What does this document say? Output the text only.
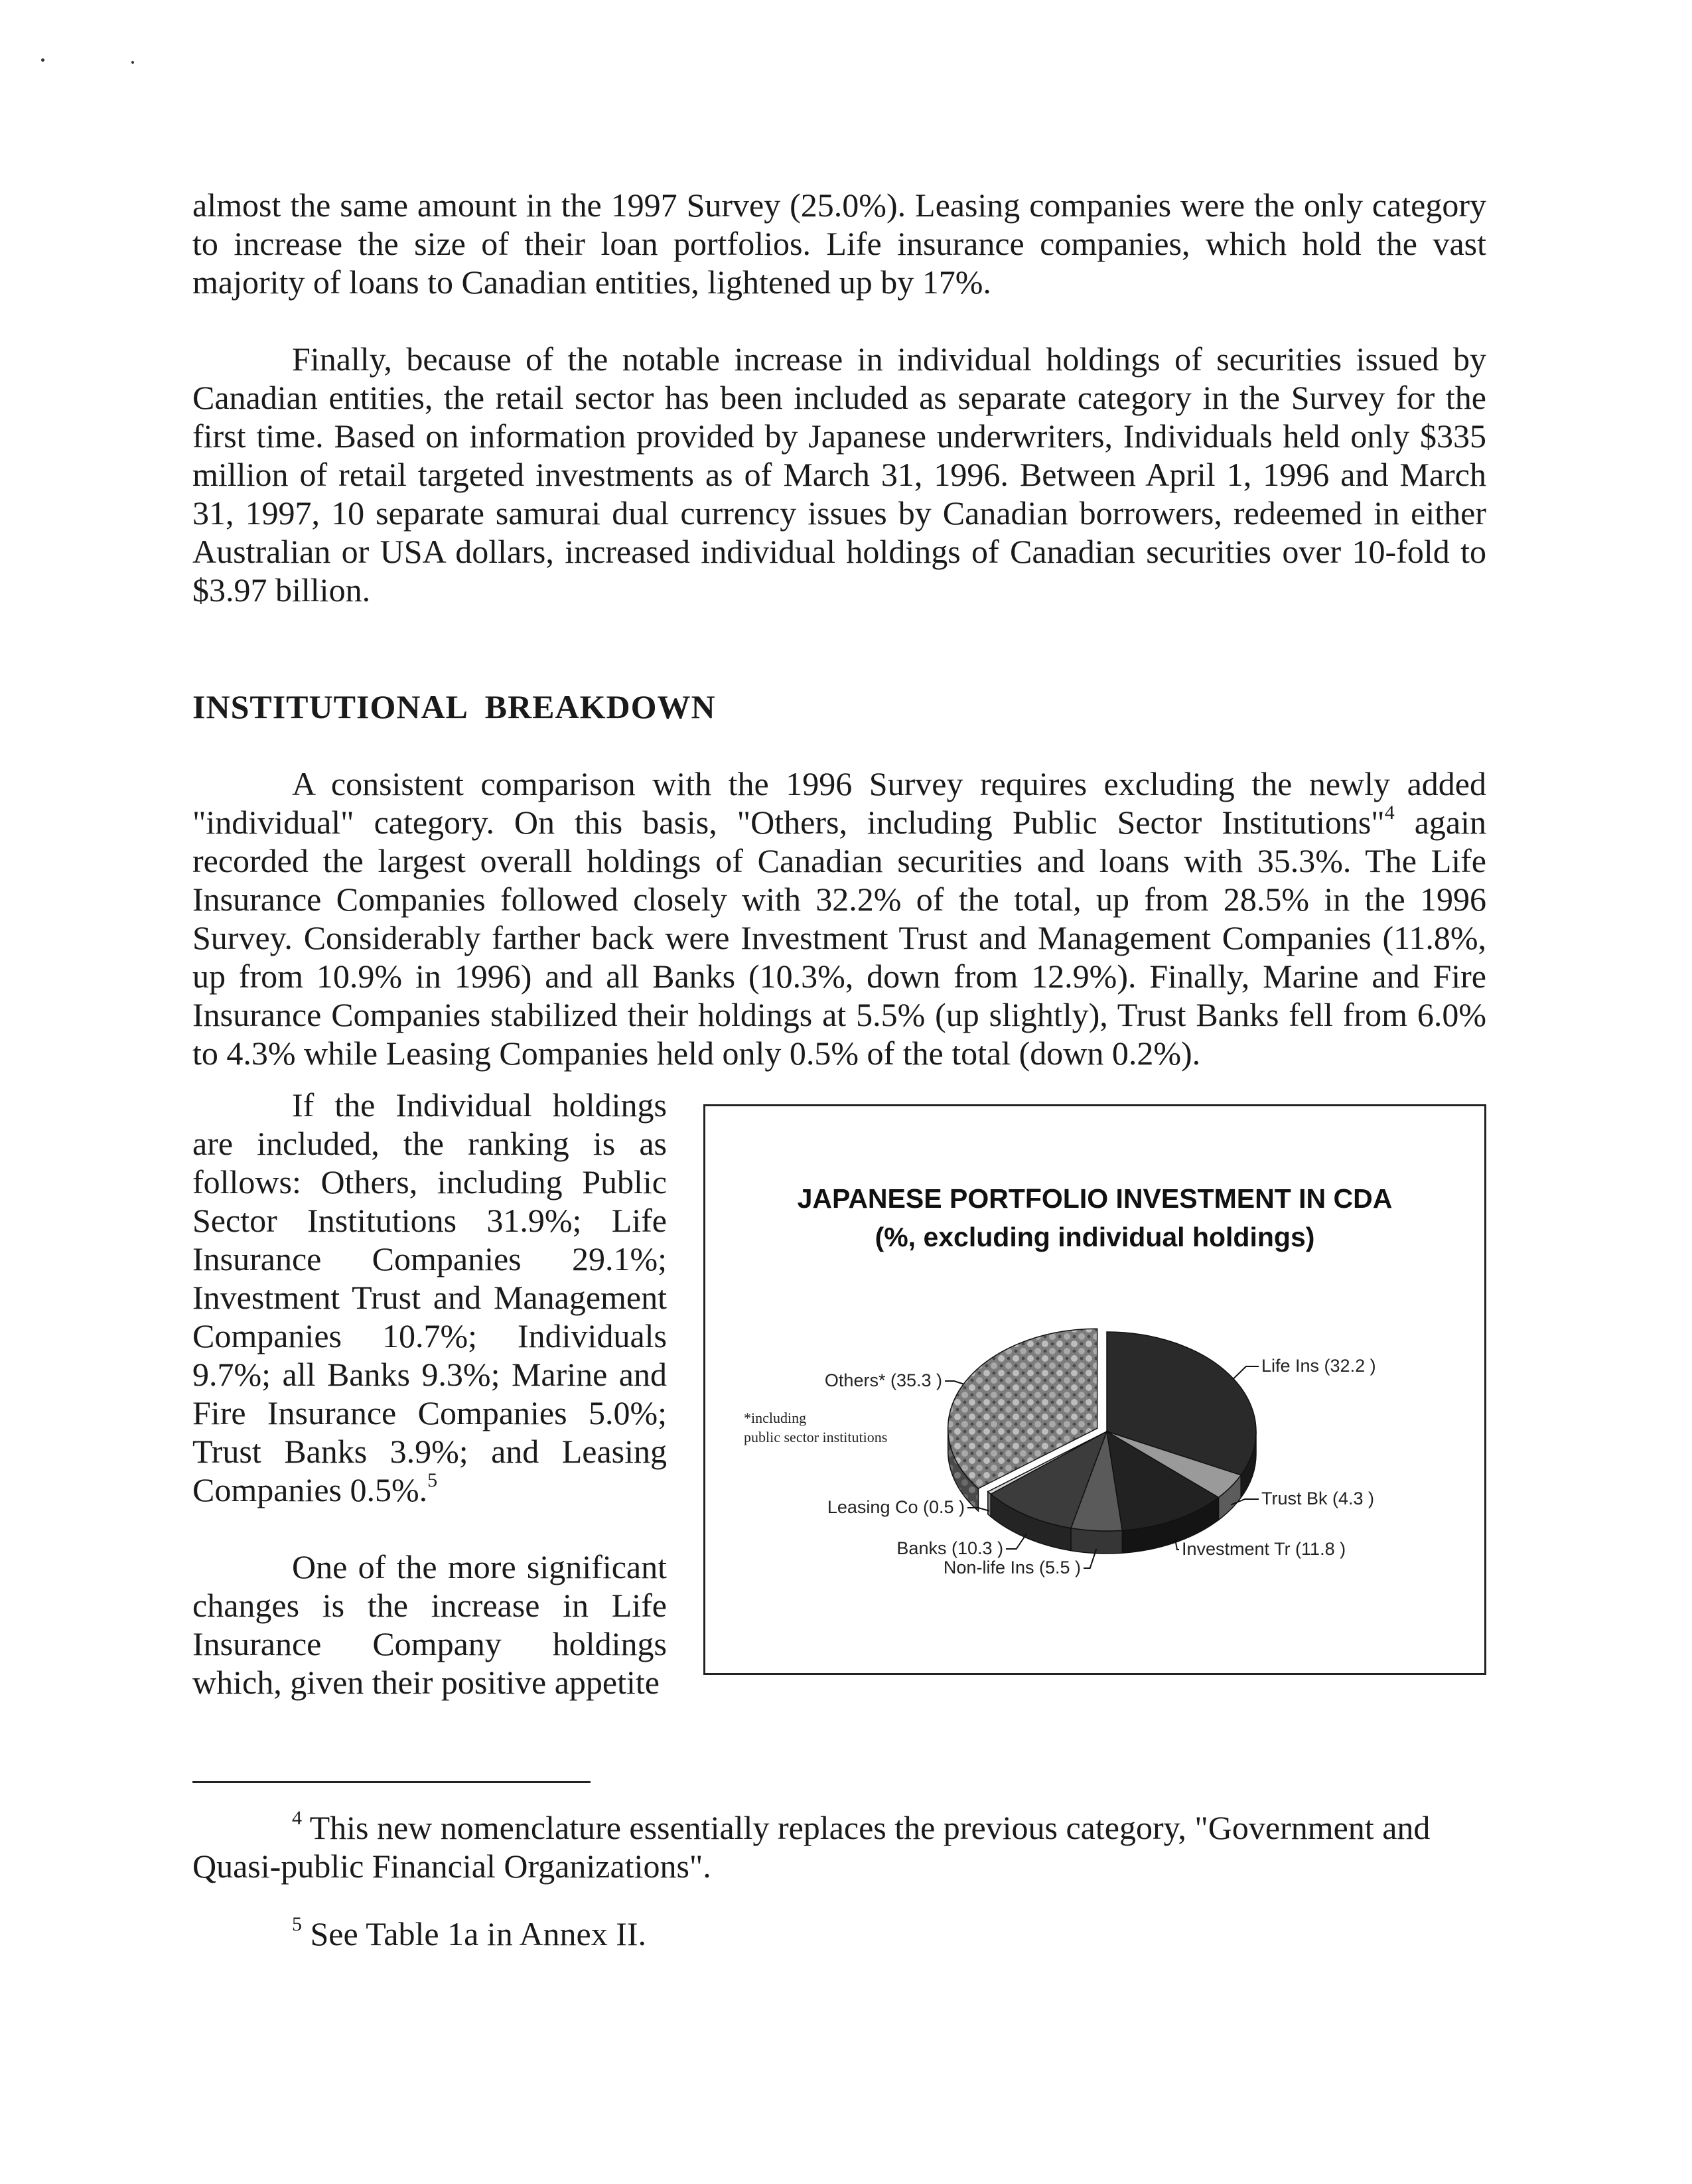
almost the same amount in the 1997 Survey (25.0%). Leasing companies were the only category to increase the size of their loan portfolios. Life insurance companies, which hold the vast majority of loans to Canadian entities, lightened up by 17%.

Finally, because of the notable increase in individual holdings of securities issued by Canadian entities, the retail sector has been included as separate category in the Survey for the first time. Based on information provided by Japanese underwriters, Individuals held only $335 million of retail targeted investments as of March 31, 1996. Between April 1, 1996 and March 31, 1997, 10 separate samurai dual currency issues by Canadian borrowers, redeemed in either Australian or USA dollars, increased individual holdings of Canadian securities over 10-fold to $3.97 billion.

INSTITUTIONAL BREAKDOWN

A consistent comparison with the 1996 Survey requires excluding the newly added "individual" category. On this basis, "Others, including Public Sector Institutions"$^4$ again recorded the largest overall holdings of Canadian securities and loans with 35.3%. The Life Insurance Companies followed closely with 32.2% of the total, up from 28.5% in the 1996 Survey. Considerably farther back were Investment Trust and Management Companies (11.8%, up from 10.9% in 1996) and all Banks (10.3%, down from 12.9%). Finally, Marine and Fire Insurance Companies stabilized their holdings at 5.5% (up slightly), Trust Banks fell from 6.0% to 4.3% while Leasing Companies held only 0.5% of the total (down 0.2%).

If the Individual holdings are included, the ranking is as follows: Others, including Public Sector Institutions 31.9%; Life Insurance Companies 29.1%; Investment Trust and Management Companies 10.7%; Individuals 9.7%; all Banks 9.3%; Marine and Fire Insurance Companies 5.0%; Trust Banks 3.9%; and Leasing Companies 0.5%.$^5$

One of the more significant changes is the increase in Life Insurance Company holdings which, given their positive appetite

JAPANESE PORTFOLIO INVESTMENT IN CDA
(%, excluding individual holdings)
Life Ins (32.2 )
Trust Bk (4.3 )
Investment Tr (11.8 )
Non-life Ins (5.5 )
Banks (10.3 )
Leasing Co (0.5 )
Others* (35.3 )
*including
public sector institutions

$^4$ This new nomenclature essentially replaces the previous category, "Government and Quasi-public Financial Organizations".

$^5$ See Table 1a in Annex II.
